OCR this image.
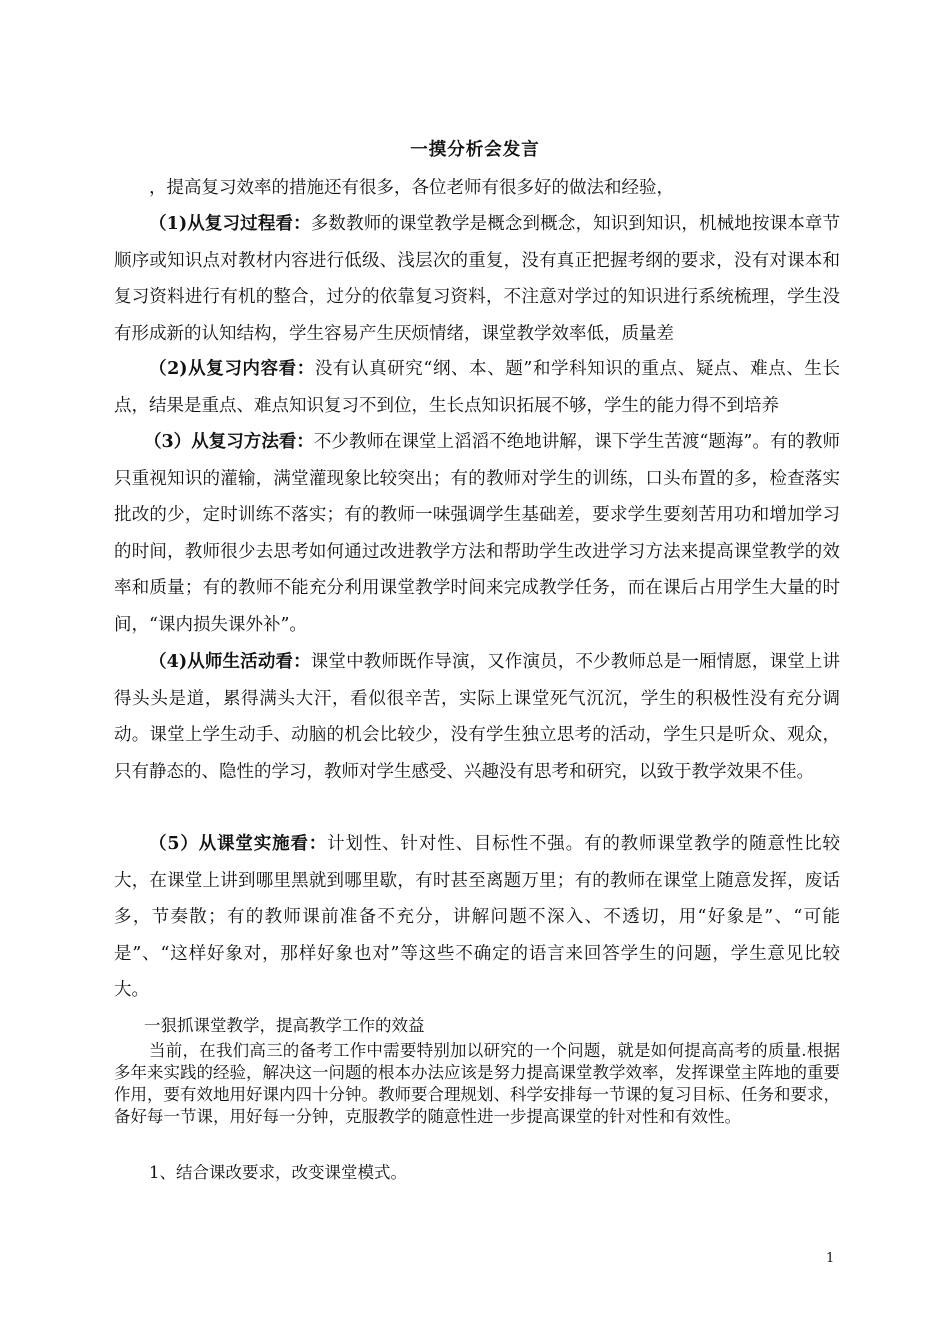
一摸分析会发言
，提高复习效率的措施还有很多，各位老师有很多好的做法和经验，
（1)从复习过程看：多数教师的课堂教学是概念到概念，知识到知识，机械地按课本章节顺序或知识点对教材内容进行低级、浅层次的重复，没有真正把握考纲的要求，没有对课本和复习资料进行有机的整合，过分的依靠复习资料，不注意对学过的知识进行系统梳理，学生没有形成新的认知结构，学生容易产生厌烦情绪，课堂教学效率低，质量差
（2)从复习内容看：没有认真研究“纲、本、题”和学科知识的重点、疑点、难点、生长点，结果是重点、难点知识复习不到位，生长点知识拓展不够，学生的能力得不到培养
（3）从复习方法看：不少教师在课堂上滔滔不绝地讲解，课下学生苦渡“题海”。有的教师只重视知识的灌输，满堂灌现象比较突出；有的教师对学生的训练，口头布置的多，检查落实批改的少，定时训练不落实；有的教师一味强调学生基础差，要求学生要刻苦用功和增加学习的时间，教师很少去思考如何通过改进教学方法和帮助学生改进学习方法来提高课堂教学的效率和质量；有的教师不能充分利用课堂教学时间来完成教学任务，而在课后占用学生大量的时间，“课内损失课外补”。
（4)从师生活动看：课堂中教师既作导演，又作演员，不少教师总是一厢情愿，课堂上讲得头头是道，累得满头大汗，看似很辛苦，实际上课堂死气沉沉，学生的积极性没有充分调动。课堂上学生动手、动脑的机会比较少，没有学生独立思考的活动，学生只是听众、观众，只有静态的、隐性的学习，教师对学生感受、兴趣没有思考和研究，以致于教学效果不佳。
（5）从课堂实施看：计划性、针对性、目标性不强。有的教师课堂教学的随意性比较大，在课堂上讲到哪里黑就到哪里歇，有时甚至离题万里；有的教师在课堂上随意发挥，废话多，节奏散；有的教师课前准备不充分，讲解问题不深入、不透切，用“好象是”、“可能是”、“这样好象对，那样好象也对”等这些不确定的语言来回答学生的问题，学生意见比较大。
一狠抓课堂教学，提高教学工作的效益
当前，在我们高三的备考工作中需要特别加以研究的一个问题，就是如何提高高考的质量.根据多年来实践的经验，解决这一问题的根本办法应该是努力提高课堂教学效率，发挥课堂主阵地的重要作用，要有效地用好课内四十分钟。教师要合理规划、科学安排每一节课的复习目标、任务和要求，备好每一节课，用好每一分钟，克服教学的随意性进一步提高课堂的针对性和有效性。
1、结合课改要求，改变课堂模式。
1
